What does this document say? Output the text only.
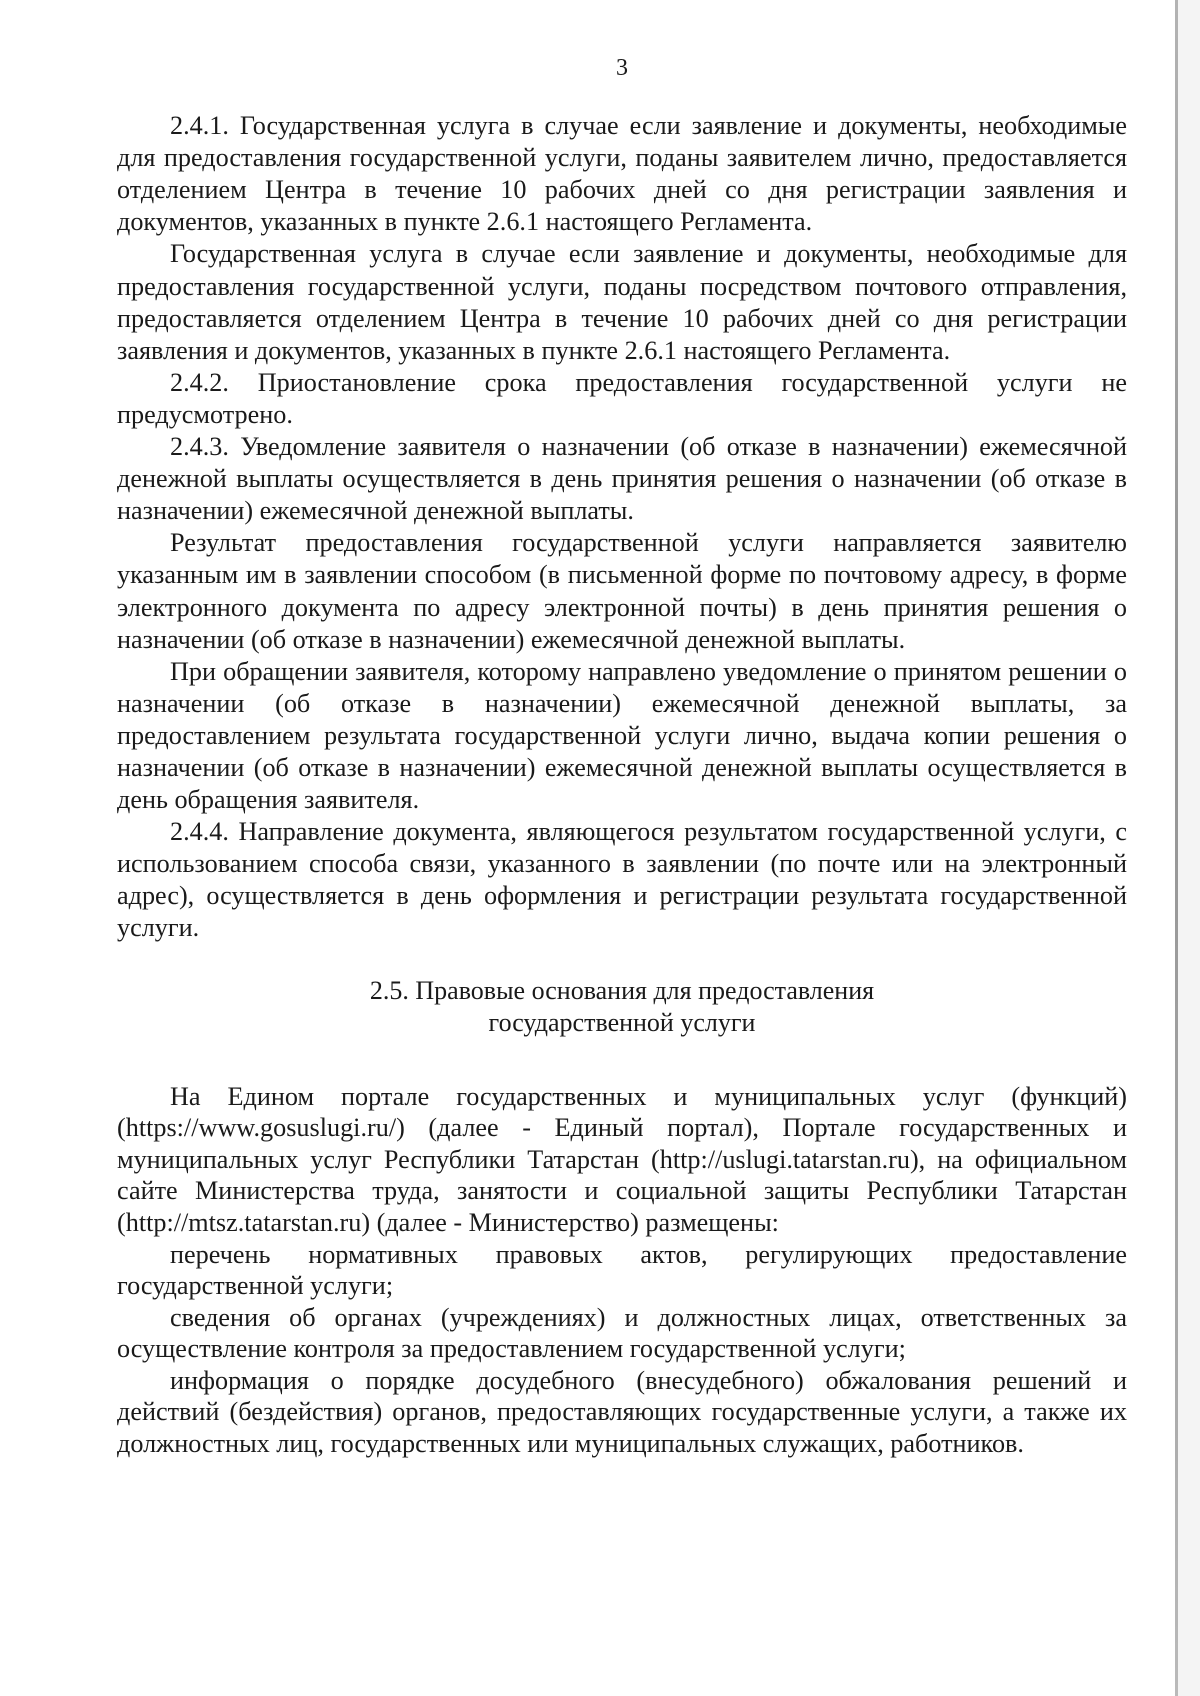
3

2.4.1. Государственная услуга в случае если заявление и документы, необходимые для предоставления государственной услуги, поданы заявителем лично, предоставляется отделением Центра в течение 10 рабочих дней со дня регистрации заявления и документов, указанных в пункте 2.6.1 настоящего Регламента.

Государственная услуга в случае если заявление и документы, необходимые для предоставления государственной услуги, поданы посредством почтового отправления, предоставляется отделением Центра в течение 10 рабочих дней со дня регистрации заявления и документов, указанных в пункте 2.6.1 настоящего Регламента.

2.4.2. Приостановление срока предоставления государственной услуги не предусмотрено.

2.4.3. Уведомление заявителя о назначении (об отказе в назначении) ежемесячной денежной выплаты осуществляется в день принятия решения о назначении (об отказе в назначении) ежемесячной денежной выплаты.

Результат предоставления государственной услуги направляется заявителю указанным им в заявлении способом (в письменной форме по почтовому адресу, в форме электронного документа по адресу электронной почты) в день принятия решения о назначении (об отказе в назначении) ежемесячной денежной выплаты.

При обращении заявителя, которому направлено уведомление о принятом решении о назначении (об отказе в назначении) ежемесячной денежной выплаты, за предоставлением результата государственной услуги лично, выдача копии решения о назначении (об отказе в назначении) ежемесячной денежной выплаты осуществляется в день обращения заявителя.

2.4.4. Направление документа, являющегося результатом государственной услуги, с использованием способа связи, указанного в заявлении (по почте или на электронный адрес), осуществляется в день оформления и регистрации результата государственной услуги.

2.5. Правовые основания для предоставления
государственной услуги

На Едином портале государственных и муниципальных услуг (функций) (https://www.gosuslugi.ru/) (далее - Единый портал), Портале государственных и муниципальных услуг Республики Татарстан (http://uslugi.tatarstan.ru), на официальном сайте Министерства труда, занятости и социальной защиты Республики Татарстан (http://mtsz.tatarstan.ru) (далее - Министерство) размещены:

перечень нормативных правовых актов, регулирующих предоставление государственной услуги;

сведения об органах (учреждениях) и должностных лицах, ответственных за осуществление контроля за предоставлением государственной услуги;

информация о порядке досудебного (внесудебного) обжалования решений и действий (бездействия) органов, предоставляющих государственные услуги, а также их должностных лиц, государственных или муниципальных служащих, работников.
